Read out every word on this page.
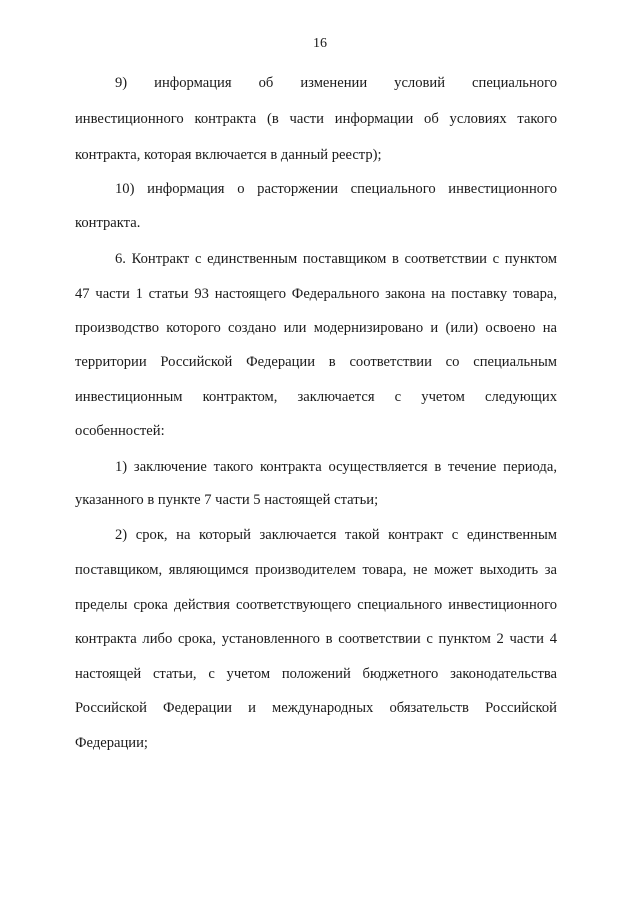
16
9) информация об изменении условий специального
инвестиционного контракта (в части информации об условиях такого
контракта, которая включается в данный реестр);
10) информация о расторжении специального инвестиционного
контракта.
6. Контракт с единственным поставщиком в соответствии с пунктом
47 части 1 статьи 93 настоящего Федерального закона на поставку товара,
производство которого создано или модернизировано и (или) освоено на
территории Российской Федерации в соответствии со специальным
инвестиционным контрактом, заключается с учетом следующих
особенностей:
1) заключение такого контракта осуществляется в течение периода,
указанного в пункте 7 части 5 настоящей статьи;
2) срок, на который заключается такой контракт с единственным
поставщиком, являющимся производителем товара, не может выходить за
пределы срока действия соответствующего специального инвестиционного
контракта либо срока, установленного в соответствии с пунктом 2 части 4
настоящей статьи, с учетом положений бюджетного законодательства
Российской Федерации и международных обязательств Российской
Федерации;
